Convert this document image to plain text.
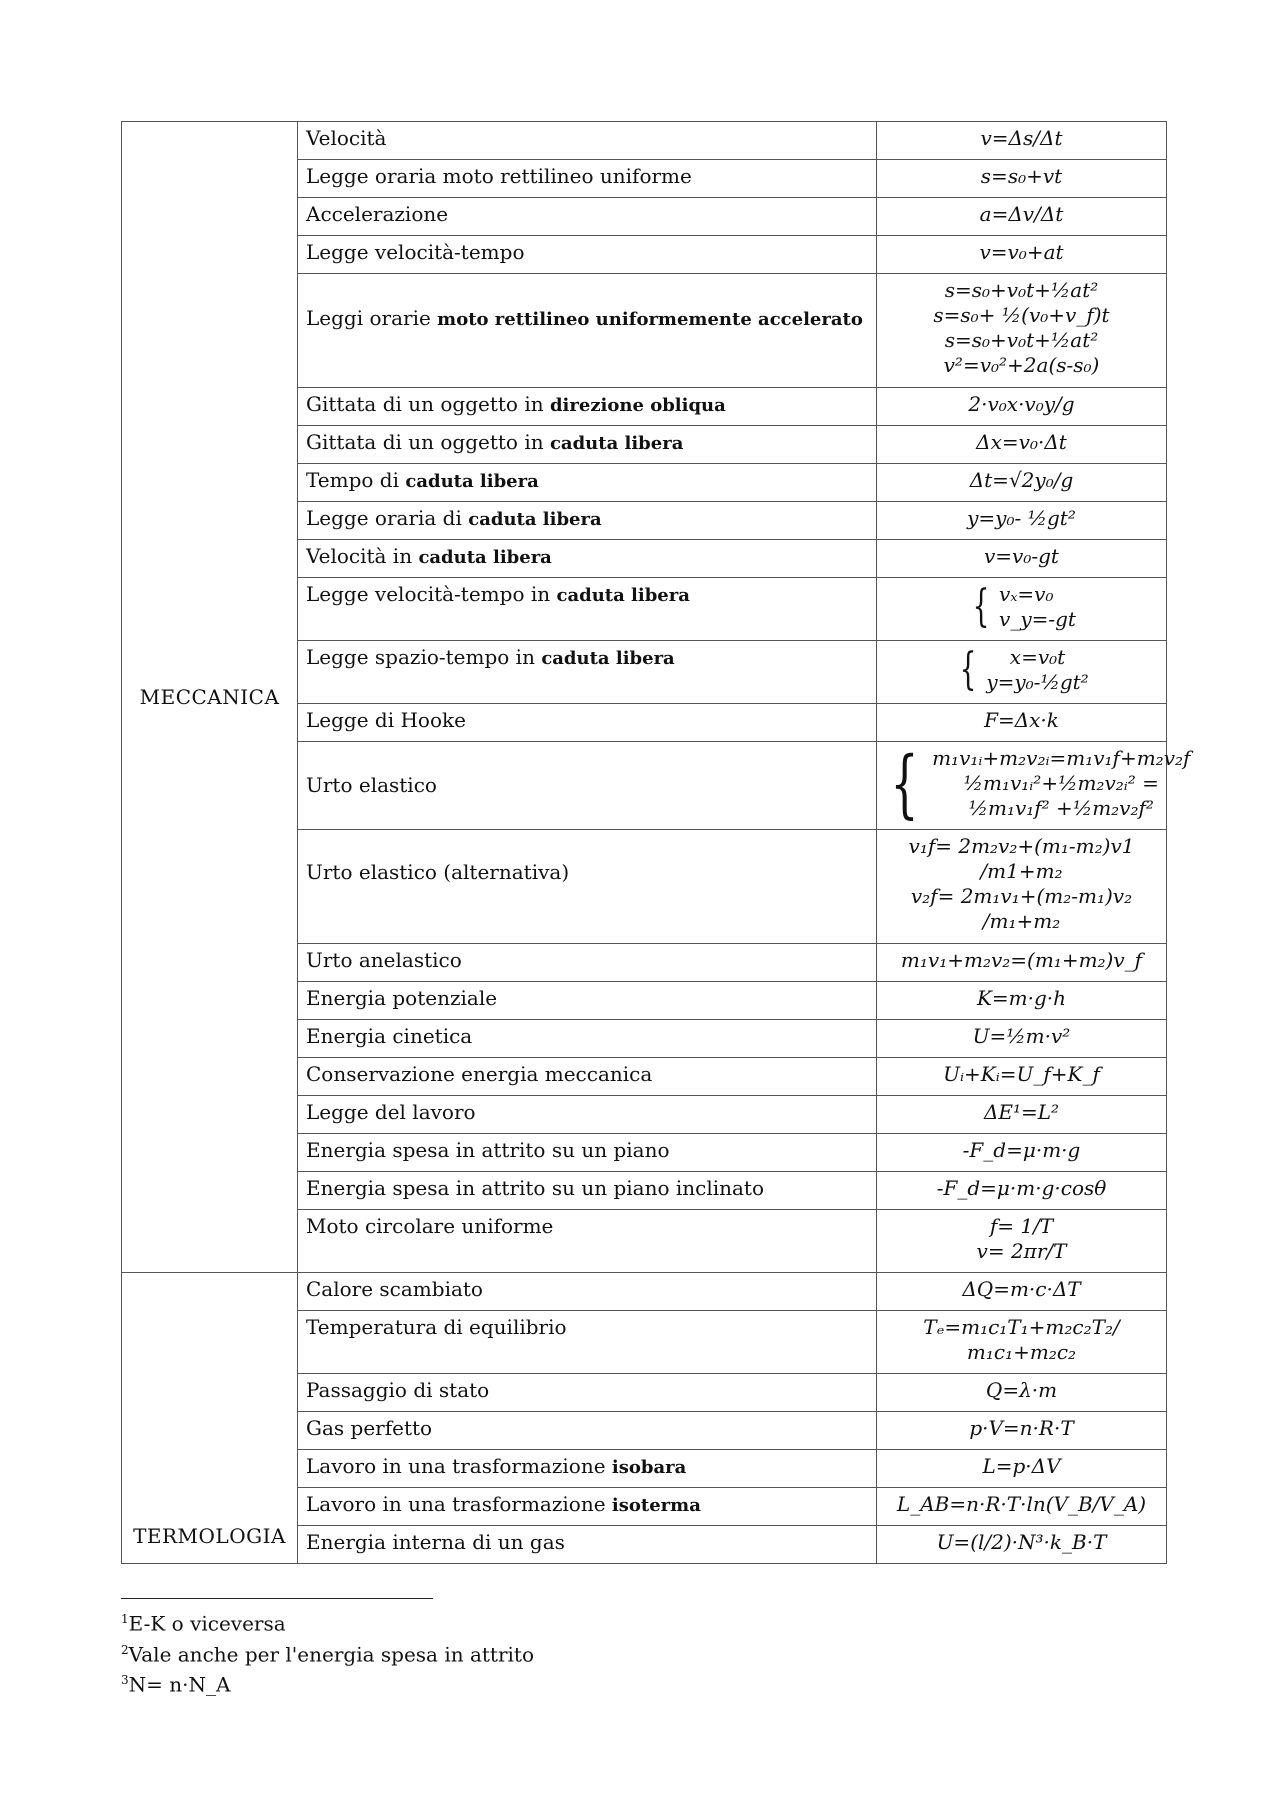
MECCANICA	Velocità	v=Δs/Δt

	Legge oraria moto rettilineo uniforme	s=s₀+vt

	Accelerazione	a=Δv/Δt

	Legge velocità-tempo	v=v₀+at

	Leggi orarie moto rettilineo uniformemente accelerato	s=s₀+v₀t+½at²
s=s₀+ ½(v₀+v_f)t
s=s₀+v₀t+½at²
v²=v₀²+2a(s-s₀)

	Gittata di un oggetto in direzione obliqua	2·v₀x·v₀y/g

	Gittata di un oggetto in caduta libera	Δx=v₀·Δt

	Tempo di caduta libera	Δt=√2y₀/g

	Legge oraria di caduta libera	y=y₀- ½gt²

	Velocità in caduta libera	v=v₀-gt

	Legge velocità-tempo in caduta libera	{ vₓ=v₀
v_y=-gt

	Legge spazio-tempo in caduta libera	{ x=v₀t
y=y₀-½gt²

	Legge di Hooke	F=Δx·k

	Urto elastico	{ m₁v₁ᵢ+m₂v₂ᵢ=m₁v₁f+m₂v₂f
½m₁v₁ᵢ²+½m₂v₂ᵢ² =
½m₁v₁f² +½m₂v₂f²

	Urto elastico (alternativa)	v₁f= 2m₂v₂+(m₁-m₂)v1
/m1+m₂
v₂f= 2m₁v₁+(m₂-m₁)v₂
/m₁+m₂

	Urto anelastico	m₁v₁+m₂v₂=(m₁+m₂)v_f

	Energia potenziale	K=m·g·h

	Energia cinetica	U=½m·v²

	Conservazione energia meccanica	Uᵢ+Kᵢ=U_f+K_f

	Legge del lavoro	ΔE¹=L²

	Energia spesa in attrito su un piano	-F_d=μ·m·g

	Energia spesa in attrito su un piano inclinato	-F_d=μ·m·g·cosθ

	Moto circolare uniforme	f= 1/T
v= 2πr/T

TERMOLOGIA	Calore scambiato	ΔQ=m·c·ΔT

	Temperatura di equilibrio	Tₑ=m₁c₁T₁+m₂c₂T₂/
m₁c₁+m₂c₂

	Passaggio di stato	Q=λ·m

	Gas perfetto	p·V=n·R·T

	Lavoro in una trasformazione isobara	L=p·ΔV

	Lavoro in una trasformazione isoterma	L_AB=n·R·T·ln(V_B/V_A)

	Energia interna di un gas	U=(l/2)·N³·k_B·T
$^1$E-K o viceversa
$^2$Vale anche per l'energia spesa in attrito
$^3$N= n·N_A
